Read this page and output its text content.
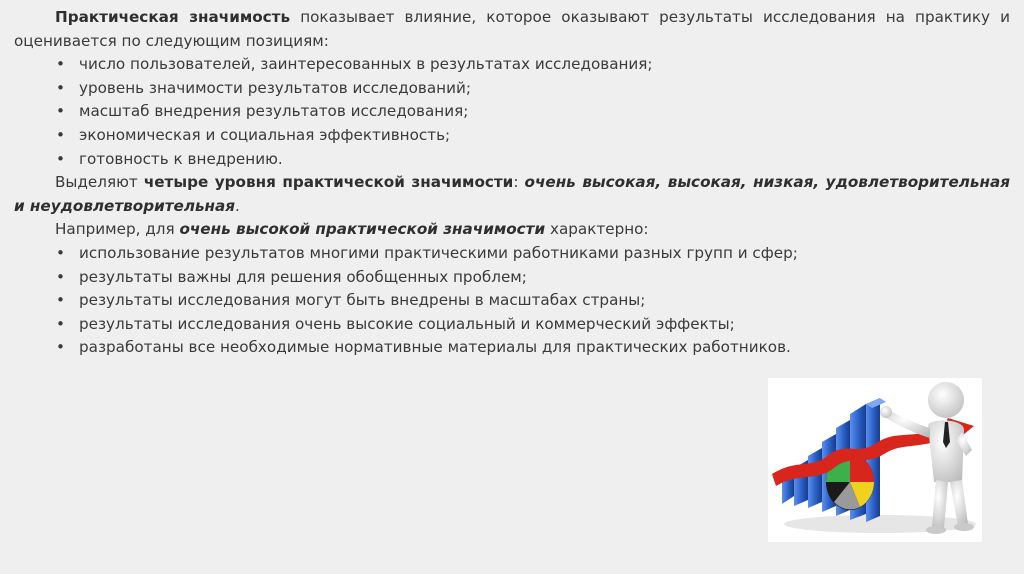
Практическая значимость показывает влияние, которое оказывают результаты исследования на практику и оценивается по следующим позициям:

• число пользователей, заинтересованных в результатах исследования;
• уровень значимости результатов исследований;
• масштаб внедрения результатов исследования;
• экономическая и социальная эффективность;
• готовность к внедрению.

Выделяют четыре уровня практической значимости: очень высокая, высокая, низкая, удовлетворительная и неудовлетворительная.

Например, для очень высокой практической значимости характерно:

• использование результатов многими практическими работниками разных групп и сфер;
• результаты важны для решения обобщенных проблем;
• результаты исследования могут быть внедрены в масштабах страны;
• результаты исследования очень высокие социальный и коммерческий эффекты;
• разработаны все необходимые нормативные материалы для практических работников.
